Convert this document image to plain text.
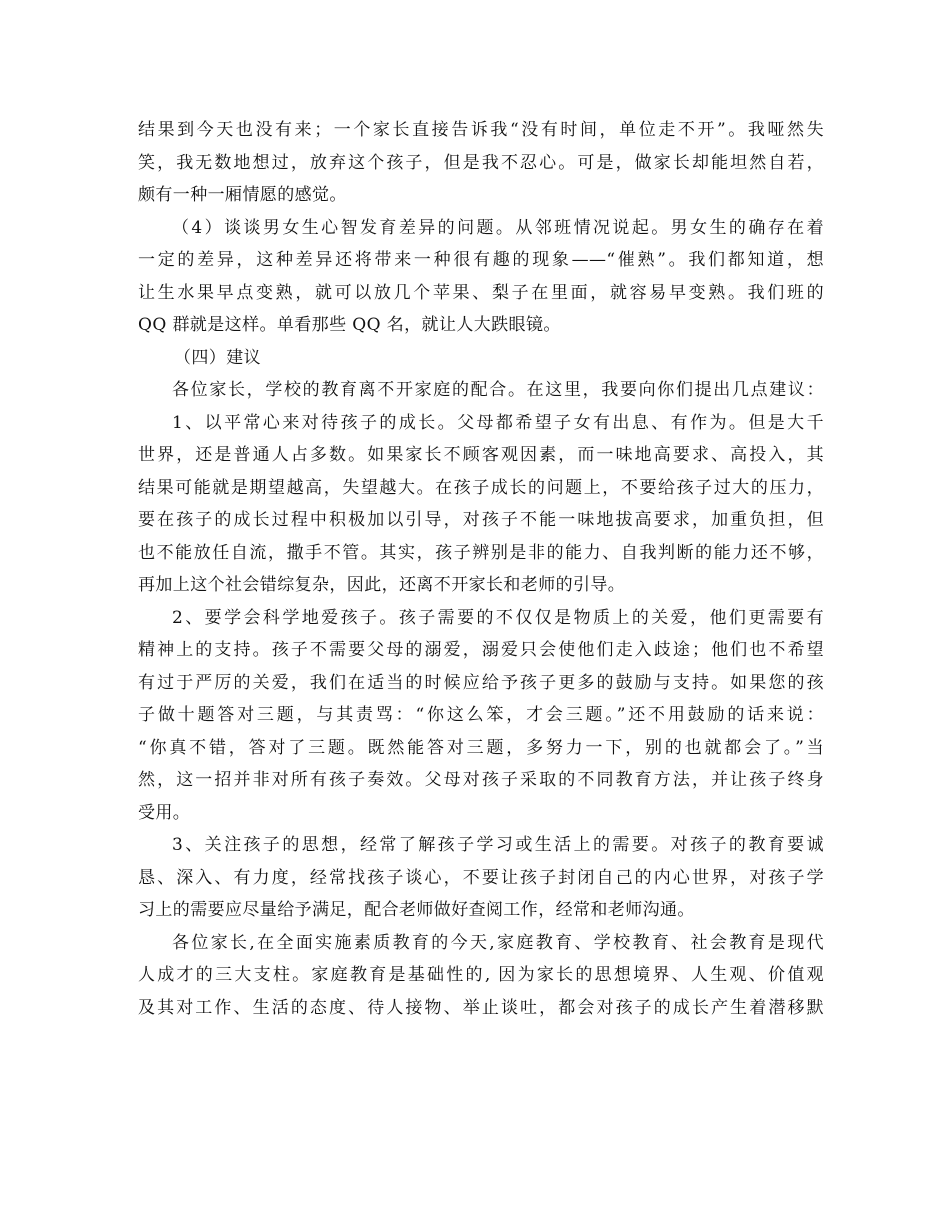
结果到今天也没有来；一个家长直接告诉我“没有时间，单位走不开”。我哑然失
笑，我无数地想过，放弃这个孩子，但是我不忍心。可是，做家长却能坦然自若，
颇有一种一厢情愿的感觉。
（4）谈谈男女生心智发育差异的问题。从邻班情况说起。男女生的确存在着
一定的差异，这种差异还将带来一种很有趣的现象——“催熟”。我们都知道，想
让生水果早点变熟，就可以放几个苹果、梨子在里面，就容易早变熟。我们班的
QQ 群就是这样。单看那些 QQ 名，就让人大跌眼镜。
（四）建议
各位家长，学校的教育离不开家庭的配合。在这里，我要向你们提出几点建议：
1、以平常心来对待孩子的成长。父母都希望子女有出息、有作为。但是大千
世界，还是普通人占多数。如果家长不顾客观因素，而一味地高要求、高投入，其
结果可能就是期望越高，失望越大。在孩子成长的问题上，不要给孩子过大的压力，
要在孩子的成长过程中积极加以引导，对孩子不能一味地拔高要求，加重负担，但
也不能放任自流，撒手不管。其实，孩子辨别是非的能力、自我判断的能力还不够，
再加上这个社会错综复杂，因此，还离不开家长和老师的引导。
2、要学会科学地爱孩子。孩子需要的不仅仅是物质上的关爱，他们更需要有
精神上的支持。孩子不需要父母的溺爱，溺爱只会使他们走入歧途；他们也不希望
有过于严厉的关爱，我们在适当的时候应给予孩子更多的鼓励与支持。如果您的孩
子做十题答对三题，与其责骂：“你这么笨，才会三题。”还不用鼓励的话来说：
“你真不错，答对了三题。既然能答对三题，多努力一下，别的也就都会了。”当
然，这一招并非对所有孩子奏效。父母对孩子采取的不同教育方法，并让孩子终身
受用。
3、关注孩子的思想，经常了解孩子学习或生活上的需要。对孩子的教育要诚
恳、深入、有力度，经常找孩子谈心，不要让孩子封闭自己的内心世界，对孩子学
习上的需要应尽量给予满足，配合老师做好查阅工作，经常和老师沟通。
各位家长,在全面实施素质教育的今天,家庭教育、学校教育、社会教育是现代
人成才的三大支柱。家庭教育是基础性的, 因为家长的思想境界、人生观、价值观
及其对工作、生活的态度、待人接物、举止谈吐，都会对孩子的成长产生着潜移默
